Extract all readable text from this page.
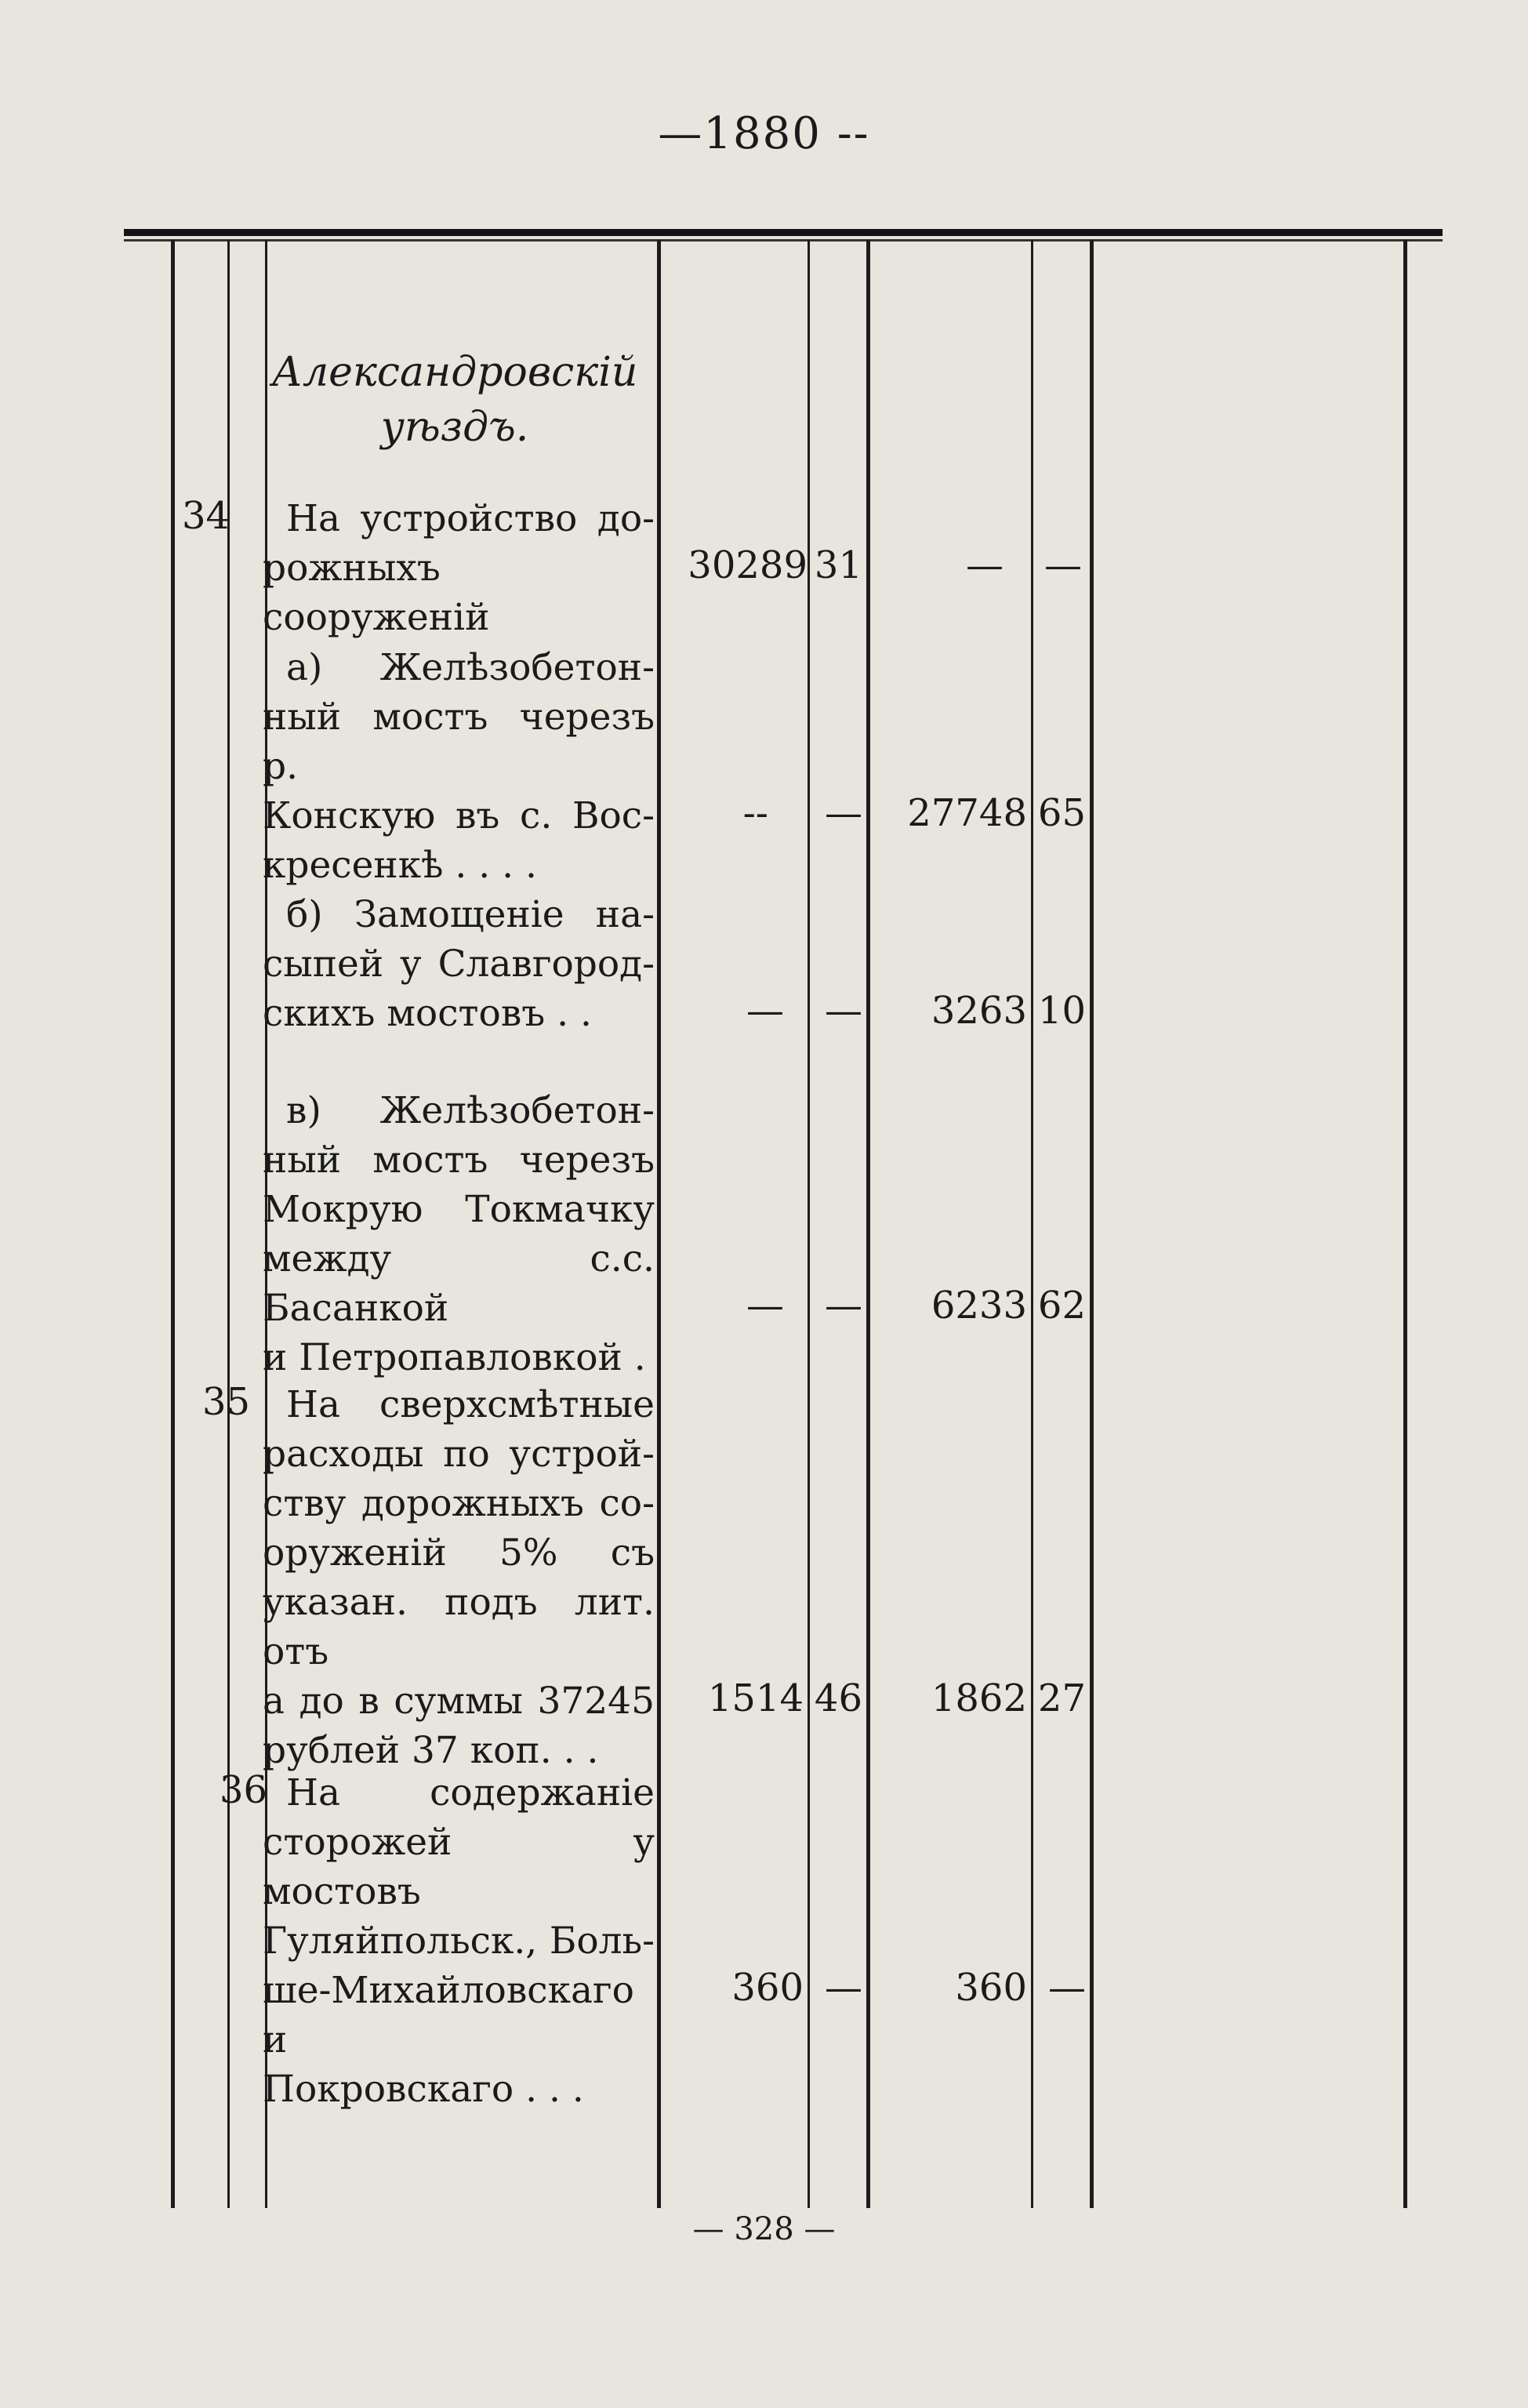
—1880 --
Александровскій уѣздъ.
34	На устройство до-

рожныхъ сооруженій

30289 31	— —

а) Желѣзобетон-

ный мостъ черезъ р.

Конскую въ с. Вос-

кресенкѣ . . . .

--	—	27748 65

б) Замощеніе на-

сыпей у Славгород-

скихъ мостовъ . .	—	—	3263 10

в) Желѣзобетон-

ный мостъ черезъ

Мокрую Токмачку

между с.с. Басанкой

и Петропавловкой .

—	—	6233 62
35 На сверхсмѣтные

расходы по устрой-

ству дорожныхъ со-

оруженій 5% съ

указан. подъ лит. отъ

а до в суммы 37245

рублей 37 коп. . .

1514 46	1862 27
36 На содержаніе

сторожей у мостовъ

Гуляйпольск., Боль-

ше-Михайловскаго и

Покровскаго . . .

360 —	360 —
— 328 —
